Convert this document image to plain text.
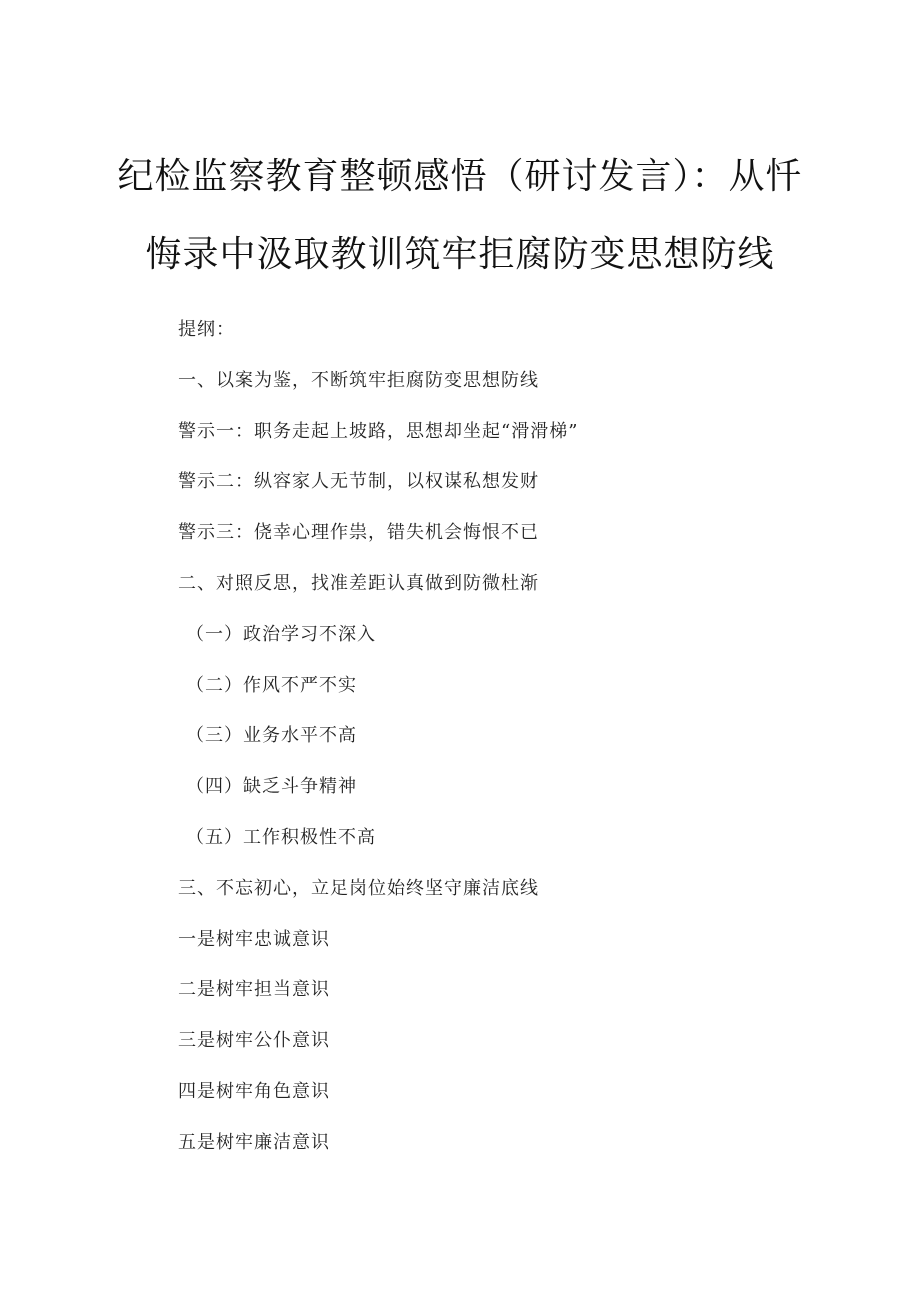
纪检监察教育整顿感悟（研讨发言）：从忏
悔录中汲取教训筑牢拒腐防变思想防线
提纲：
一、以案为鉴，不断筑牢拒腐防变思想防线
警示一：职务走起上坡路，思想却坐起“滑滑梯”
警示二：纵容家人无节制，以权谋私想发财
警示三：侥幸心理作祟，错失机会悔恨不已
二、对照反思，找准差距认真做到防微杜渐
（一）政治学习不深入
（二）作风不严不实
（三）业务水平不高
（四）缺乏斗争精神
（五）工作积极性不高
三、不忘初心，立足岗位始终坚守廉洁底线
一是树牢忠诚意识
二是树牢担当意识
三是树牢公仆意识
四是树牢角色意识
五是树牢廉洁意识
